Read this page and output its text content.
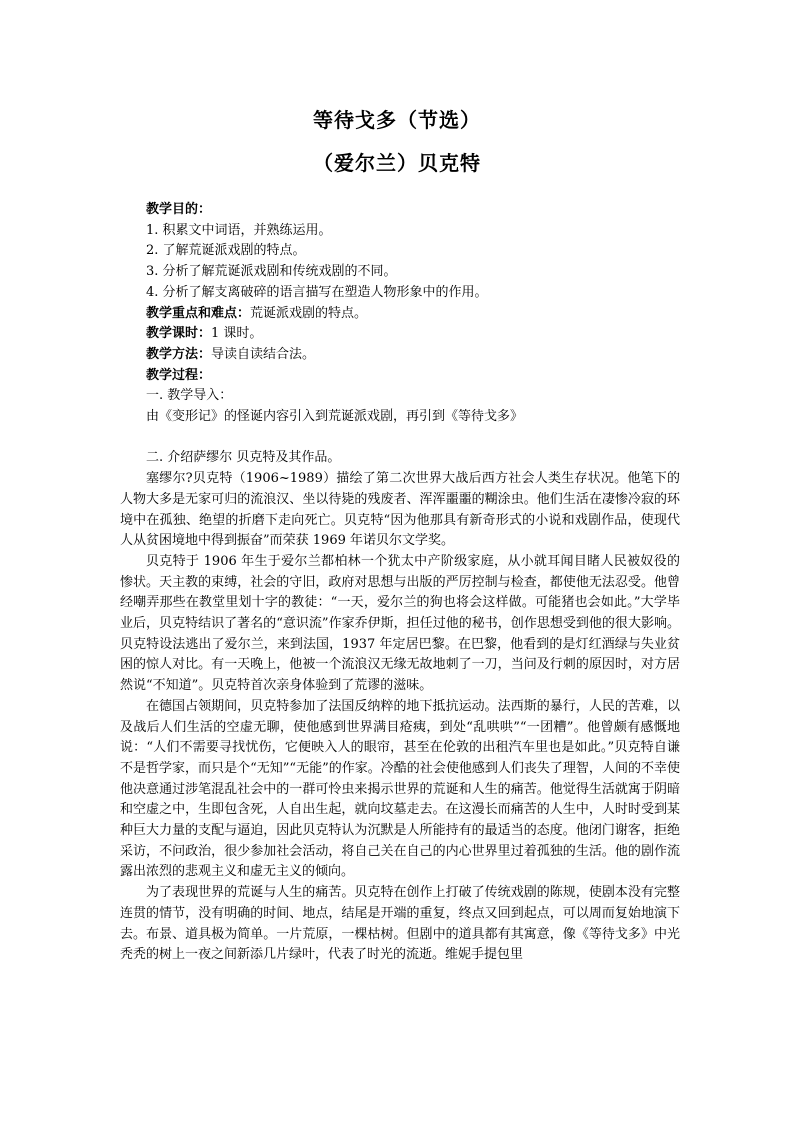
等待戈多（节选）
（爱尔兰）贝克特
教学目的：
1. 积累文中词语，并熟练运用。
2. 了解荒诞派戏剧的特点。
3. 分析了解荒诞派戏剧和传统戏剧的不同。
4. 分析了解支离破碎的语言描写在塑造人物形象中的作用。
教学重点和难点：荒诞派戏剧的特点。
教学课时：1 课时。
教学方法：导读自读结合法。
教学过程：
一. 教学导入：
由《变形记》的怪诞内容引入到荒诞派戏剧，再引到《等待戈多》
二. 介绍萨缪尔 贝克特及其作品。
塞缪尔?贝克特（1906~1989）描绘了第二次世界大战后西方社会人类生存状况。他笔下的人物大多是无家可归的流浪汉、坐以待毙的残废者、浑浑噩噩的糊涂虫。他们生活在凄惨冷寂的环境中在孤独、绝望的折磨下走向死亡。贝克特“因为他那具有新奇形式的小说和戏剧作品，使现代人从贫困境地中得到振奋”而荣获 1969 年诺贝尔文学奖。
贝克特于 1906 年生于爱尔兰都柏林一个犹太中产阶级家庭，从小就耳闻目睹人民被奴役的惨状。天主教的束缚，社会的守旧，政府对思想与出版的严厉控制与检查，都使他无法忍受。他曾经嘲弄那些在教堂里划十字的教徒：“一天，爱尔兰的狗也将会这样做。可能猪也会如此。”大学毕业后，贝克特结识了著名的“意识流”作家乔伊斯，担任过他的秘书，创作思想受到他的很大影响。贝克特设法逃出了爱尔兰，来到法国，1937 年定居巴黎。在巴黎，他看到的是灯红酒绿与失业贫困的惊人对比。有一天晚上，他被一个流浪汉无缘无故地刺了一刀，当问及行刺的原因时，对方居然说“不知道”。贝克特首次亲身体验到了荒谬的滋味。
在德国占领期间，贝克特参加了法国反纳粹的地下抵抗运动。法西斯的暴行，人民的苦难，以及战后人们生活的空虚无聊，使他感到世界满目疮痍，到处“乱哄哄”“一团糟”。他曾颇有感慨地说：“人们不需要寻找忧伤，它便映入人的眼帘，甚至在伦敦的出租汽车里也是如此。”贝克特自谦不是哲学家，而只是个“无知”“无能”的作家。冷酷的社会使他感到人们丧失了理智，人间的不幸使他决意通过涉笔混乱社会中的一群可怜虫来揭示世界的荒诞和人生的痛苦。他觉得生活就寓于阴暗和空虚之中，生即包含死，人自出生起，就向坟墓走去。在这漫长而痛苦的人生中，人时时受到某种巨大力量的支配与逼迫，因此贝克特认为沉默是人所能持有的最适当的态度。他闭门谢客，拒绝采访，不问政治，很少参加社会活动，将自己关在自己的内心世界里过着孤独的生活。他的剧作流露出浓烈的悲观主义和虚无主义的倾向。
为了表现世界的荒诞与人生的痛苦。贝克特在创作上打破了传统戏剧的陈规，使剧本没有完整连贯的情节，没有明确的时间、地点，结尾是开端的重复，终点又回到起点，可以周而复始地演下去。布景、道具极为简单。一片荒原，一棵枯树。但剧中的道具都有其寓意，像《等待戈多》中光秃秃的树上一夜之间新添几片绿叶，代表了时光的流逝。维妮手提包里
